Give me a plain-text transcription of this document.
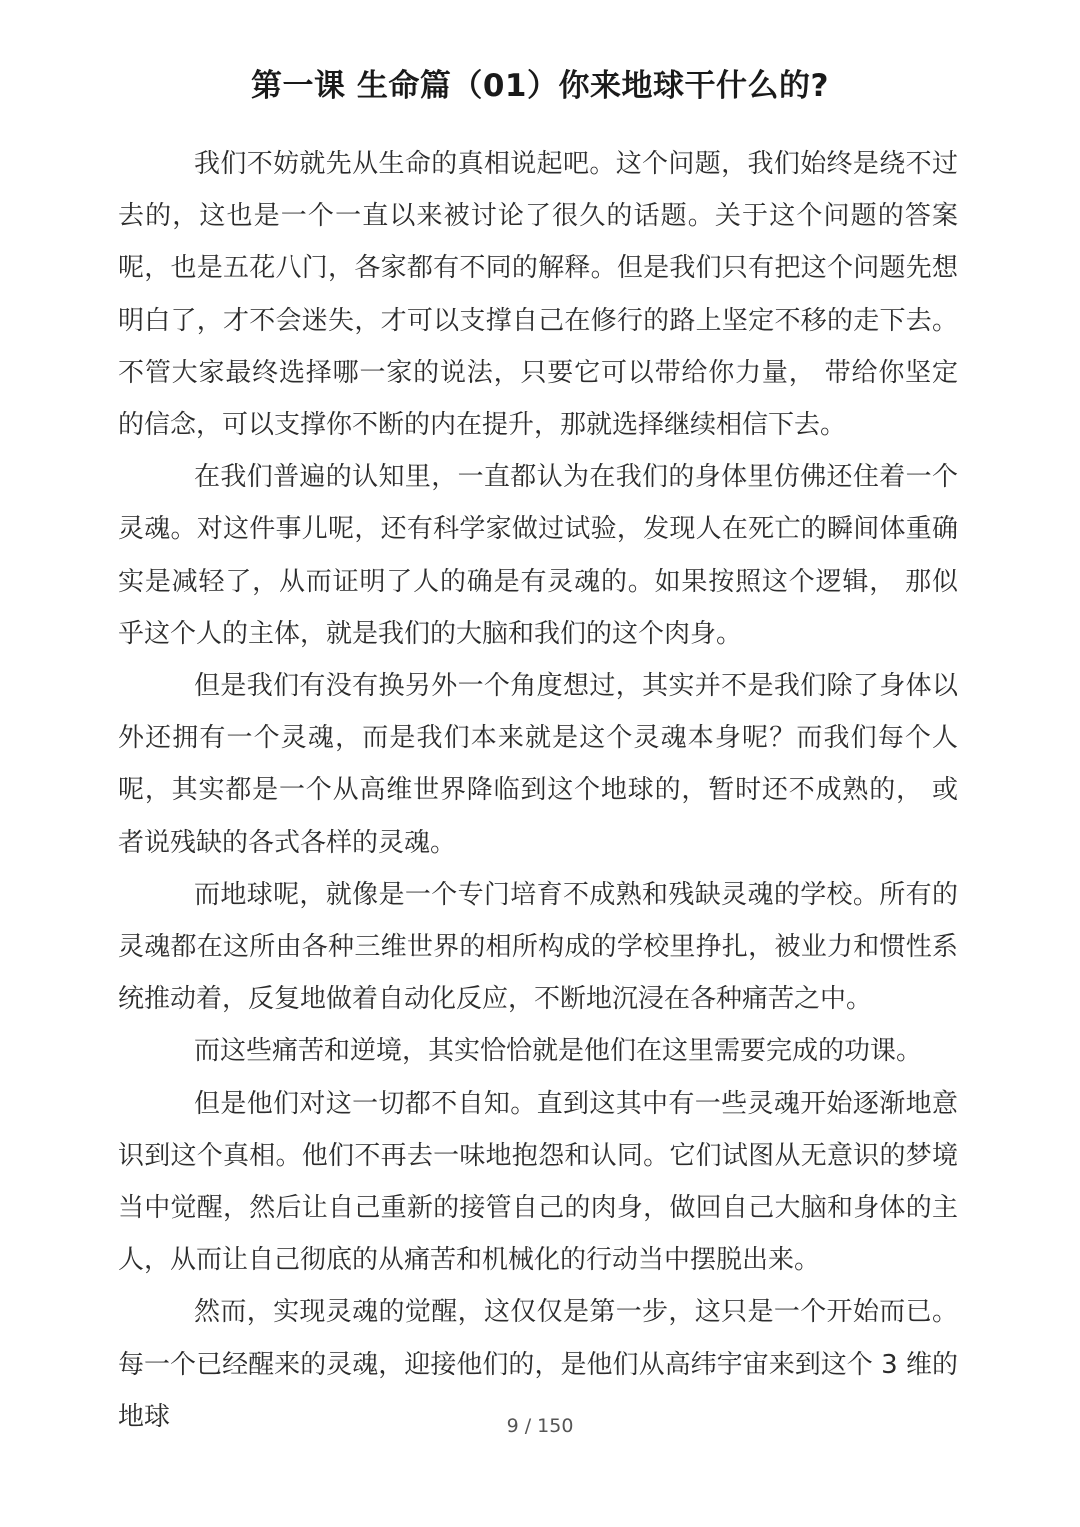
第一课 生命篇（01）你来地球干什么的?

我们不妨就先从生命的真相说起吧。这个问题，我们始终是绕不过去的，这也是一个一直以来被讨论了很久的话题。关于这个问题的答案呢，也是五花八门，各家都有不同的解释。但是我们只有把这个问题先想明白了，才不会迷失，才可以支撑自己在修行的路上坚定不移的走下去。不管大家最终选择哪一家的说法，只要它可以带给你力量， 带给你坚定的信念，可以支撑你不断的内在提升，那就选择继续相信下去。

在我们普遍的认知里，一直都认为在我们的身体里仿佛还住着一个灵魂。对这件事儿呢，还有科学家做过试验，发现人在死亡的瞬间体重确实是减轻了，从而证明了人的确是有灵魂的。如果按照这个逻辑， 那似乎这个人的主体，就是我们的大脑和我们的这个肉身。

但是我们有没有换另外一个角度想过，其实并不是我们除了身体以外还拥有一个灵魂，而是我们本来就是这个灵魂本身呢？而我们每个人呢，其实都是一个从高维世界降临到这个地球的，暂时还不成熟的， 或者说残缺的各式各样的灵魂。

而地球呢，就像是一个专门培育不成熟和残缺灵魂的学校。所有的灵魂都在这所由各种三维世界的相所构成的学校里挣扎，被业力和惯性系统推动着，反复地做着自动化反应，不断地沉浸在各种痛苦之中。

而这些痛苦和逆境，其实恰恰就是他们在这里需要完成的功课。

但是他们对这一切都不自知。直到这其中有一些灵魂开始逐渐地意识到这个真相。他们不再去一味地抱怨和认同。它们试图从无意识的梦境当中觉醒，然后让自己重新的接管自己的肉身，做回自己大脑和身体的主人，从而让自己彻底的从痛苦和机械化的行动当中摆脱出来。

然而，实现灵魂的觉醒，这仅仅是第一步，这只是一个开始而已。每一个已经醒来的灵魂，迎接他们的，是他们从高纬宇宙来到这个 3 维的地球	9 / 150
